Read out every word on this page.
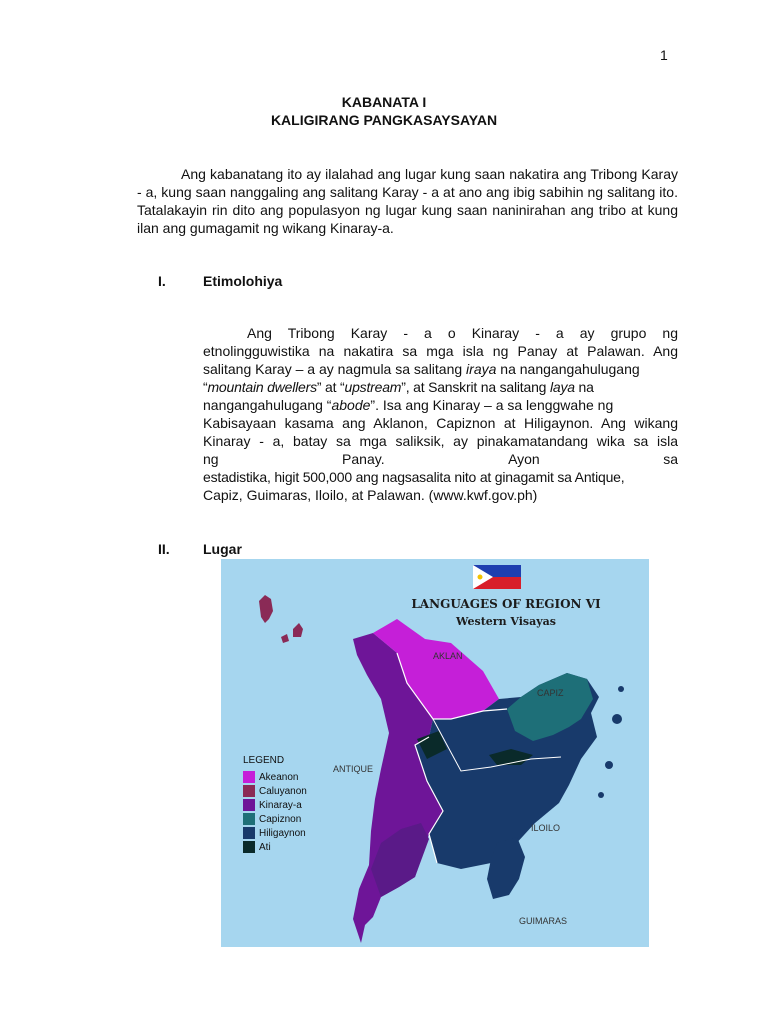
1
KABANATA I
KALIGIRANG PANGKASAYSAYAN

Ang kabanatang ito ay ilalahad ang lugar kung saan nakatira ang Tribong Karay - a, kung saan nanggaling ang salitang Karay - a at ano ang ibig sabihin ng salitang ito. Tatalakayin rin dito ang populasyon ng lugar kung saan naninirahan ang tribo at kung ilan ang gumagamit ng wikang Kinaray-a.

I.	Etimolohiya
Ang Tribong Karay - a o Kinaray - a ay grupo ng
etnolingguwistika na nakatira sa mga isla ng Panay at Palawan. Ang
salitang Karay – a ay nagmula sa salitang iraya na nangangahulugang
“mountain dwellers” at “upstream”, at Sanskrit na salitang laya na
nangangahulugang “abode”. Isa ang Kinaray – a sa lenggwahe ng
Kabisayaan kasama ang Aklanon, Capiznon at Hiligaynon. Ang wikang
Kinaray - a, batay sa mga saliksik, ay pinakamatandang wika sa isla
ng	Panay.	Ayon	sa
estadistika, higit 500,000 ang nagsasalita nito at ginagamit sa Antique,
Capiz, Guimaras, Iloilo, at Palawan. (www.kwf.gov.ph)
II. Lugar
LANGUAGES OF REGION VI
Western Visayas
AKLAN
CAPIZ
ANTIQUE
ILOILO
GUIMARAS
LEGEND
Akeanon
Caluyanon
Kinaray-a
Capiznon
Hiligaynon
Ati
